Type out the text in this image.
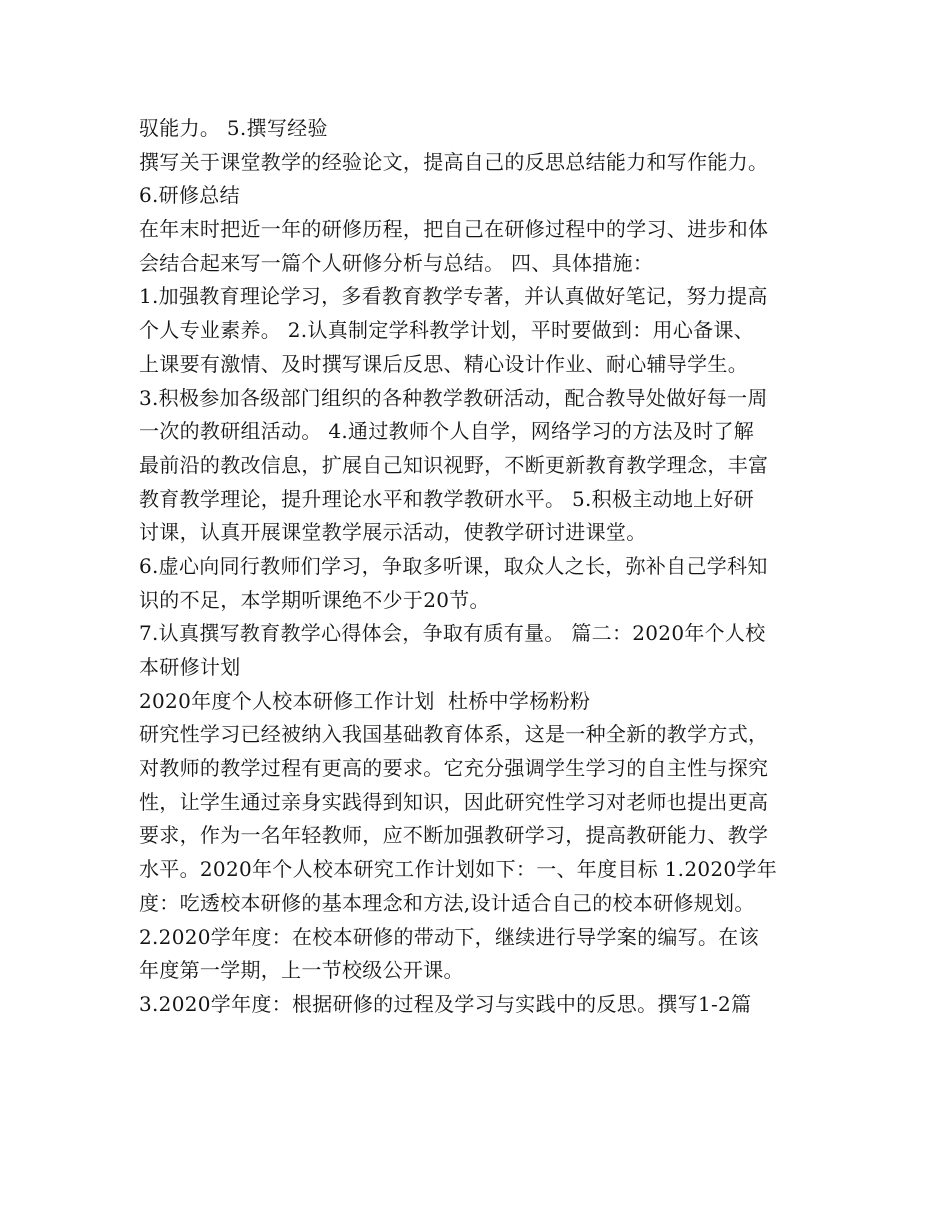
驭能力。 5.撰写经验
撰写关于课堂教学的经验论文，提高自己的反思总结能力和写作能力。
6.研修总结
在年末时把近一年的研修历程，把自己在研修过程中的学习、进步和体
会结合起来写一篇个人研修分析与总结。 四、具体措施：
1.加强教育理论学习，多看教育教学专著，并认真做好笔记，努力提高
个人专业素养。 2.认真制定学科教学计划，平时要做到：用心备课、
上课要有激情、及时撰写课后反思、精心设计作业、耐心辅导学生。
3.积极参加各级部门组织的各种教学教研活动，配合教导处做好每一周
一次的教研组活动。 4.通过教师个人自学，网络学习的方法及时了解
最前沿的教改信息，扩展自己知识视野，不断更新教育教学理念，丰富
教育教学理论，提升理论水平和教学教研水平。 5.积极主动地上好研
讨课，认真开展课堂教学展示活动，使教学研讨进课堂。
6.虚心向同行教师们学习，争取多听课，取众人之长，弥补自己学科知
识的不足，本学期听课绝不少于20节。
7.认真撰写教育教学心得体会，争取有质有量。 篇二：2020年个人校
本研修计划
2020年度个人校本研修工作计划  杜桥中学杨粉粉
研究性学习已经被纳入我国基础教育体系，这是一种全新的教学方式，
对教师的教学过程有更高的要求。它充分强调学生学习的自主性与探究
性，让学生通过亲身实践得到知识，因此研究性学习对老师也提出更高
要求，作为一名年轻教师，应不断加强教研学习，提高教研能力、教学
水平。2020年个人校本研究工作计划如下：一、年度目标 1.2020学年
度：吃透校本研修的基本理念和方法,设计适合自己的校本研修规划。
2.2020学年度：在校本研修的带动下，继续进行导学案的编写。在该
年度第一学期，上一节校级公开课。
3.2020学年度：根据研修的过程及学习与实践中的反思。撰写1-2篇
